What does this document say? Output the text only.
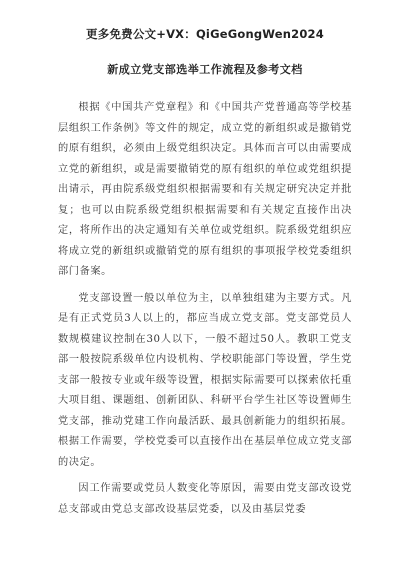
更多免费公文+VX：QiGeGongWen2024

新成立党支部选举工作流程及参考文档

根据《中国共产党章程》和《中国共产党普通高等学校基层组织工作条例》等文件的规定，成立党的新组织或是撤销党的原有组织，必须由上级党组织决定。具体而言可以由需要成立党的新组织，或是需要撤销党的原有组织的单位或党组织提出请示，再由院系级党组织根据需要和有关规定研究决定并批复；也可以由院系级党组织根据需要和有关规定直接作出决定，将所作出的决定通知有关单位或党组织。院系级党组织应将成立党的新组织或撤销党的原有组织的事项报学校党委组织部门备案。

党支部设置一般以单位为主，以单独组建为主要方式。凡是有正式党员3人以上的，都应当成立党支部。党支部党员人数规模建议控制在30人以下，一般不超过50人。教职工党支部一般按院系级单位内设机构、学校职能部门等设置，学生党支部一般按专业或年级等设置，根据实际需要可以探索依托重大项目组、课题组、创新团队、科研平台学生社区等设置师生党支部，推动党建工作向最活跃、最具创新能力的组织拓展。根据工作需要，学校党委可以直接作出在基层单位成立党支部的决定。

因工作需要或党员人数变化等原因，需要由党支部改设党总支部或由党总支部改设基层党委，以及由基层党委
